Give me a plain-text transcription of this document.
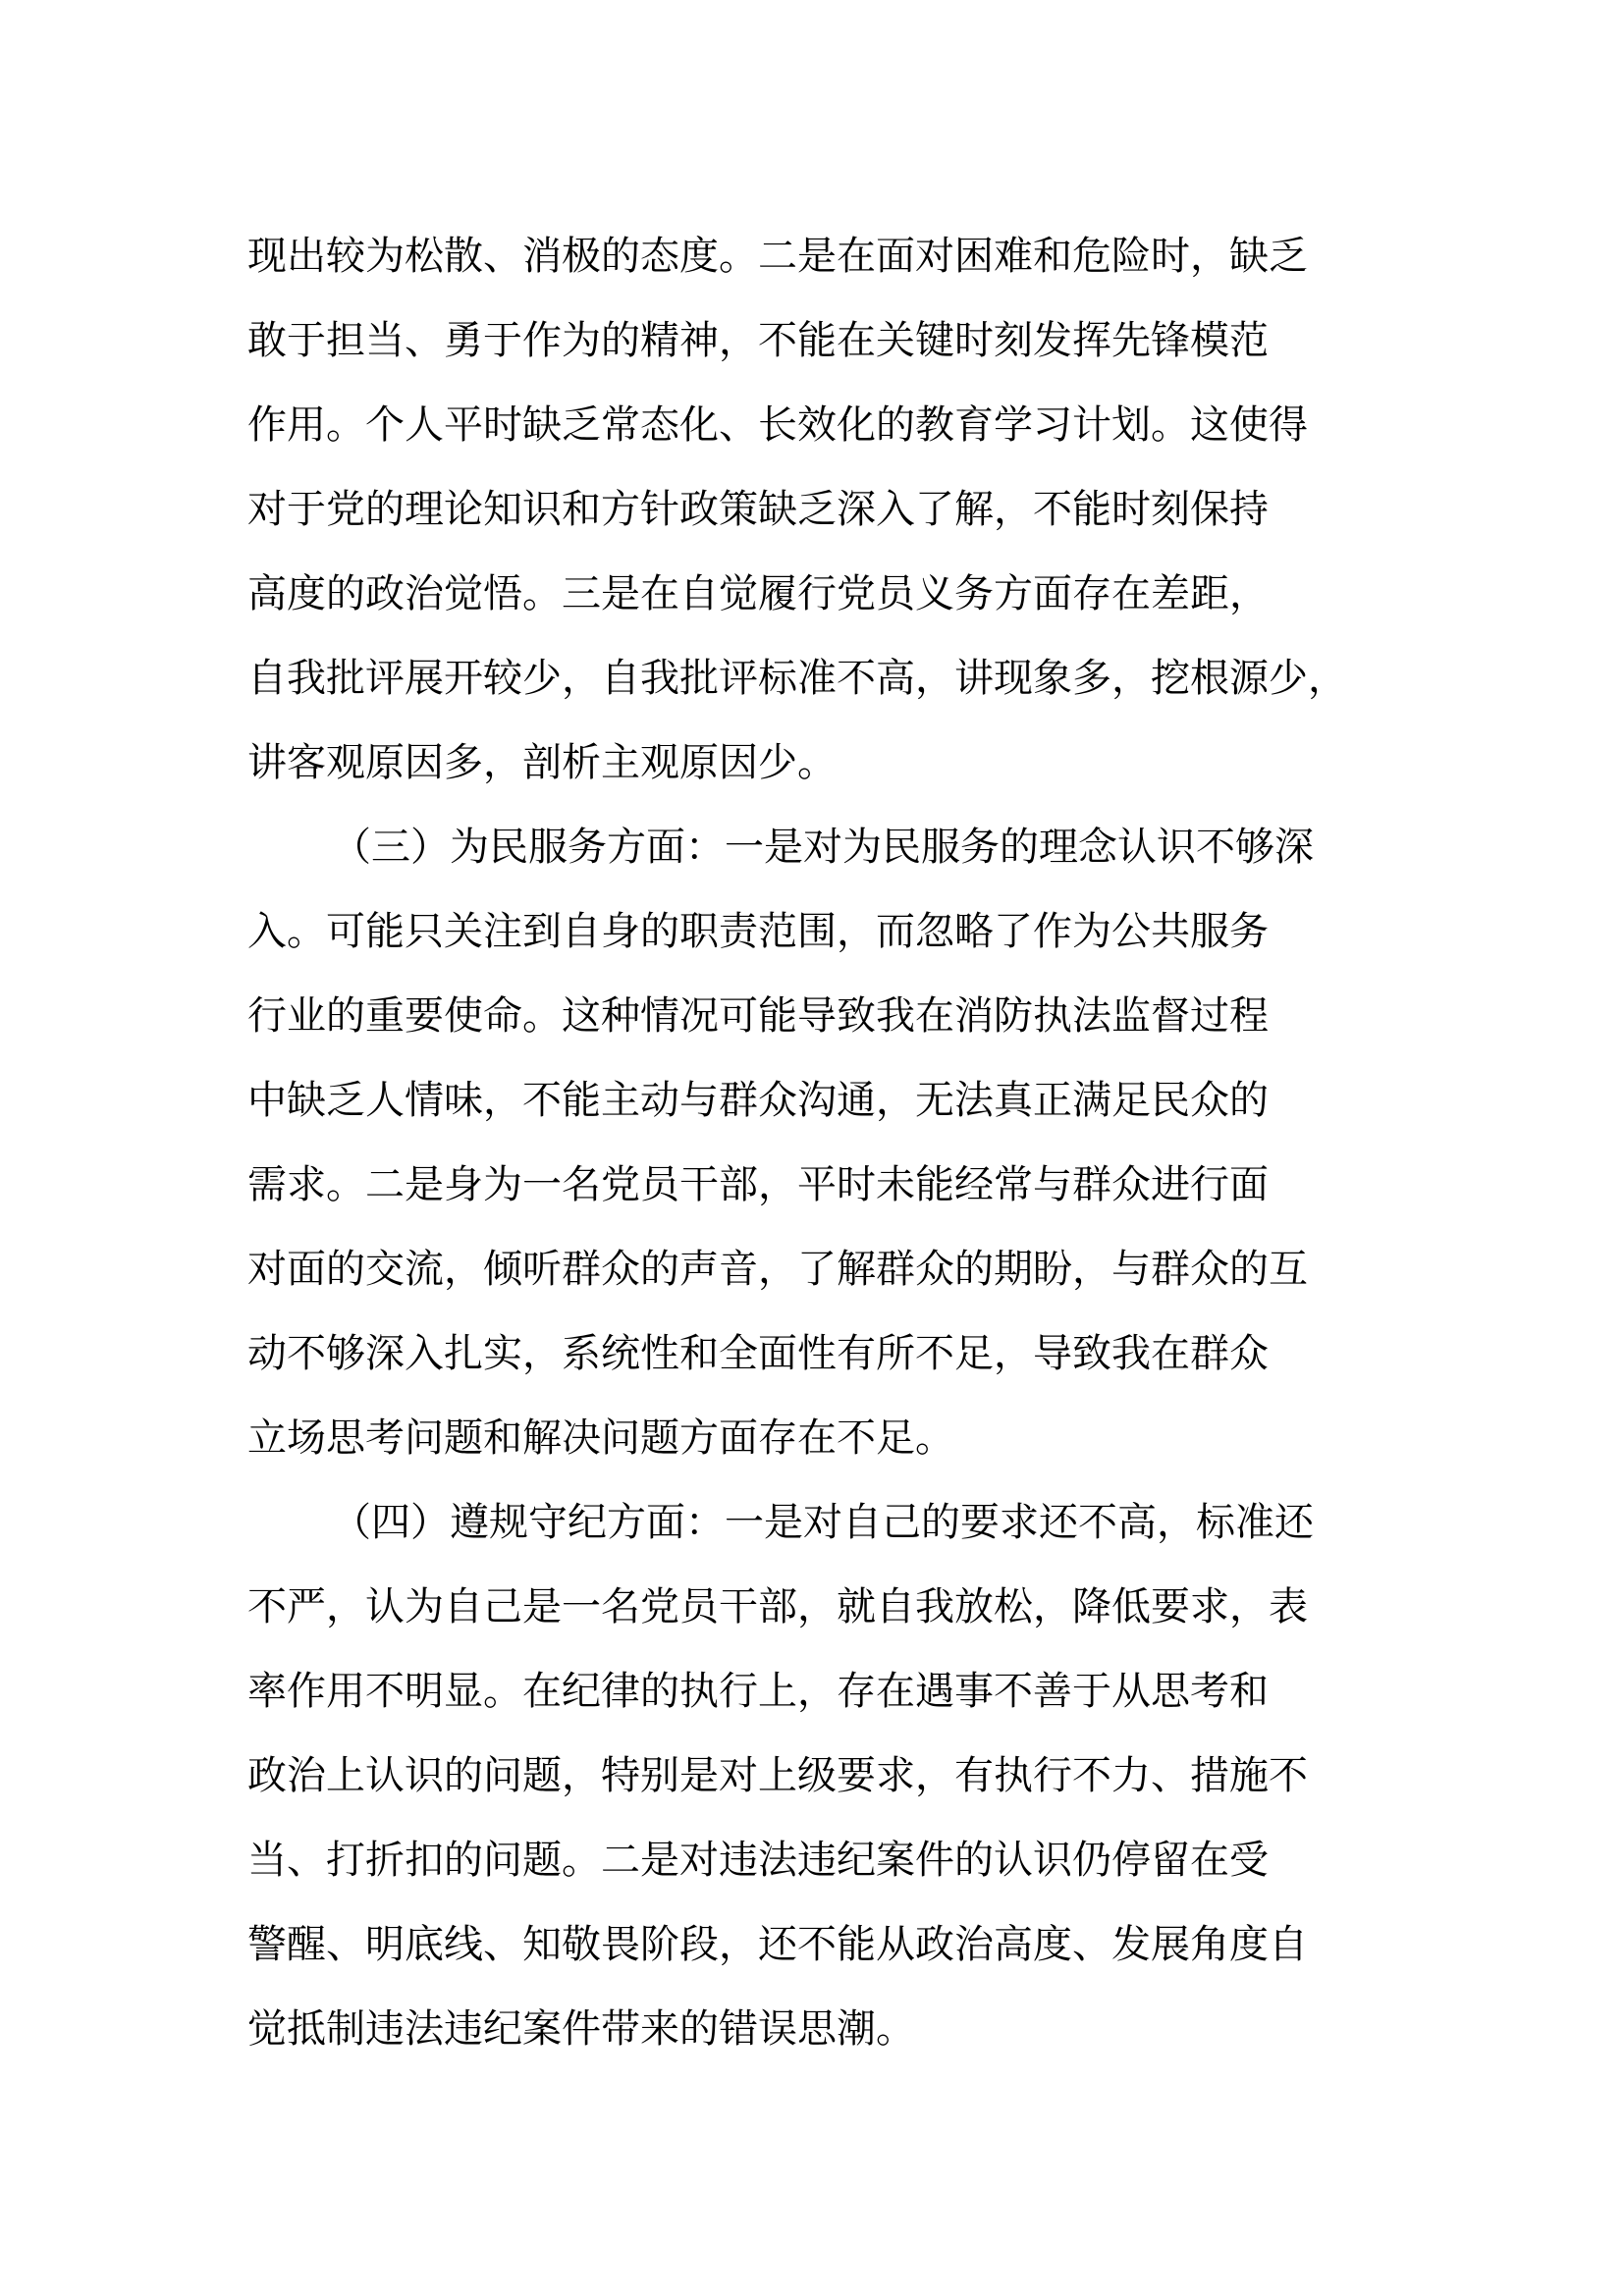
现出较为松散、消极的态度。二是在面对困难和危险时，缺乏
敢于担当、勇于作为的精神，不能在关键时刻发挥先锋模范
作用。个人平时缺乏常态化、长效化的教育学习计划。这使得
对于党的理论知识和方针政策缺乏深入了解，不能时刻保持
高度的政治觉悟。三是在自觉履行党员义务方面存在差距，
自我批评展开较少，自我批评标准不高，讲现象多，挖根源少，
讲客观原因多，剖析主观原因少。
（三）为民服务方面：一是对为民服务的理念认识不够深
入。可能只关注到自身的职责范围，而忽略了作为公共服务
行业的重要使命。这种情况可能导致我在消防执法监督过程
中缺乏人情味，不能主动与群众沟通，无法真正满足民众的
需求。二是身为一名党员干部，平时未能经常与群众进行面
对面的交流，倾听群众的声音，了解群众的期盼，与群众的互
动不够深入扎实，系统性和全面性有所不足，导致我在群众
立场思考问题和解决问题方面存在不足。
（四）遵规守纪方面：一是对自己的要求还不高，标准还
不严，认为自己是一名党员干部，就自我放松，降低要求，表
率作用不明显。在纪律的执行上，存在遇事不善于从思考和
政治上认识的问题，特别是对上级要求，有执行不力、措施不
当、打折扣的问题。二是对违法违纪案件的认识仍停留在受
警醒、明底线、知敬畏阶段，还不能从政治高度、发展角度自
觉抵制违法违纪案件带来的错误思潮。
